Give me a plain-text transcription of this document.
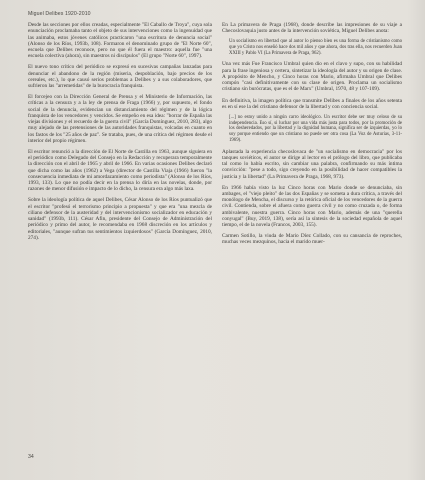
Miguel Delibes 1920-2010

Desde las secciones por ellos creadas, especialmente "El Caballo de Troya", cuya sola enunciación proclamaba tanto el objeto de sus intervenciones como la ingenuidad que las animaba, estos jóvenes católicos practicaron "una escritura de denuncia social" (Alonso de los Ríos, 1993b, 108). Formaron el denominado grupo de "El Norte 60", escuela que Delibes reconoce, pero no que él fuera el maestro: aquella fue "una escuela colectiva (ahora), sin maestros ni discípulos" (El grupo "Norte 60", 1997).

El nuevo tono crítico del periódico se expresó en sucesivas campañas lanzadas para denunciar el abandono de la región (miseria, despoblación, bajo precios de los cereales, etc.), lo que causó serios problemas a Delibes y a sus colaboradores, que sufrieron las "arremetidas" de la burocracia franquista.

El forcejeo con la Dirección General de Prensa y el Ministerio de Información, las críticas a la censura y a la ley de prensa de Fraga (1966) y, por supuesto, el fondo social de la denuncia, evidencian un distanciamiento del régimen y de la lógica franquista de los vencedores y vencidos. Se empeño en esa idea: "borrar de España las viejas divisiones y el recuerdo de la guerra civil" (García Domínguez, 2010, 283), algo muy alejado de las pretensiones de las autoridades franquistas, volcadas en cuanto en los fastos de los "25 años de paz". Se trataba, pues, de una crítica del régimen desde el interior del propio régimen.

El escritor renunció a la dirección de El Norte de Castilla en 1963, aunque siguiera en el periódico como Delegado del Consejo en la Redacción y recuperara temporalmente la dirección con el abril de 1965 y abril de 1966. En varias ocasiones Delibes declaró que dicha como las años (1962) a Vega (director de Castilla Viaja (1966) fueron "la consecuencia inmediata de mi amordazamiento como periodista" (Alonso de los Ríos, 1993, 133). Lo que no podía decir en la prensa lo diría en las novelas, donde, por razones de menor difusión e impacto de lo dicho, la censura era algo más laxa.

Sobre la ideología política de aquel Delibes, César Alonso de los Ríos puntualizó que el escritor "profesó el terrorismo principio a propuesta" y que era "una mezcla de ciliano defensor de la austeridad y del intervencionismo socializador en educación y sanidad" (1993b, 111). César Afin, presidente del Consejo de Administración del periódico y primo del autor, le recomendaba en 1968 discreción en los artículos y editoriales, "aunque sufran tus sentimientos izquierdosos" (García Domínguez, 2010, 274).

En La primavera de Praga (1968), donde describe las impresiones de su viaje a Checoslovaquia justo antes de la intervención soviética, Miguel Delibes anota:

Un socialismo en libertad que al autor lo pienso bien es una forma de cristianismo como que yo Cristo nos enseñó hace dos mil años y que ahora, dos tras ella, nos recuerden Juan XXIII y Pablo VI (La Primavera de Praga, 962).

Una vez más Fue Francisco Umbral quien dio en el clavo y supo, con su habilidad para la frase ingeniosa y certera, sintetizar la ideología del autor y su origen de clase. A propósito de Mencho, y Cinco horas con Mario, afirmaba Umbral que Delibes compón "casi definitivamente con su clase de origen. Proclama un socialismo cristiano sin burócratas, que es el de Marx" (Umbral, 1970, 48 y 107-109).

En definitiva, la imagen política que transmite Delibes a finales de los años setenta es en sí ese la del cristiano defensor de la libertad y con conciencia social.

[...] no estoy unido a ningún carro ideológico. Un escritor debe ser muy celoso de su independencia. Eso sí, si luchar por una vida más justa para todos, por la promoción de los desheredados, por la libertad y la dignidad humana, significa ser de izquierdas, yo lo soy porque entiendo que un cristiano no puede ser otra cosa (La Voz de Asturias, 3-11-1969).

Aplastada la experiencia checoslovaca de "un socialismo en democracia" por los tanques soviéticos, el autor se dirige al lector en el prólogo del libro, que publicaba tal como lo había escrito, sin cambiar una palabra, confirmando su más íntima convicción: "pese a todo, sigo creyendo en la posibilidad de hacer compatibles la justicia y la libertad" (La Primavera de Praga, 1968, 973).

En 1966 había visto la luz Cinco horas con Mario donde se denunciaba, sin ambages, el "viejo pleito" de las dos Españas y se someta a dura crítica, a través del monólogo de Mencha, el discurso y la retórica oficial de los vencedores de la guerra civil. Contienda, sobre el afuera como guerra civil y no como cruzada o, de forma ambivalente, nuestra guerra. Cinco horas con Mario, además de una "querella conyugal" (Buy, 2019, 138), sería así la síntesis de la sociedad española de aquel tiempo, el de la novela (Francos, 2003, 155).

Carmen Sotillo, la viuda de Mario Díez Collado, con su cansancia de reproches, muchas veces mezquinos, hacia el marido muer-

34
